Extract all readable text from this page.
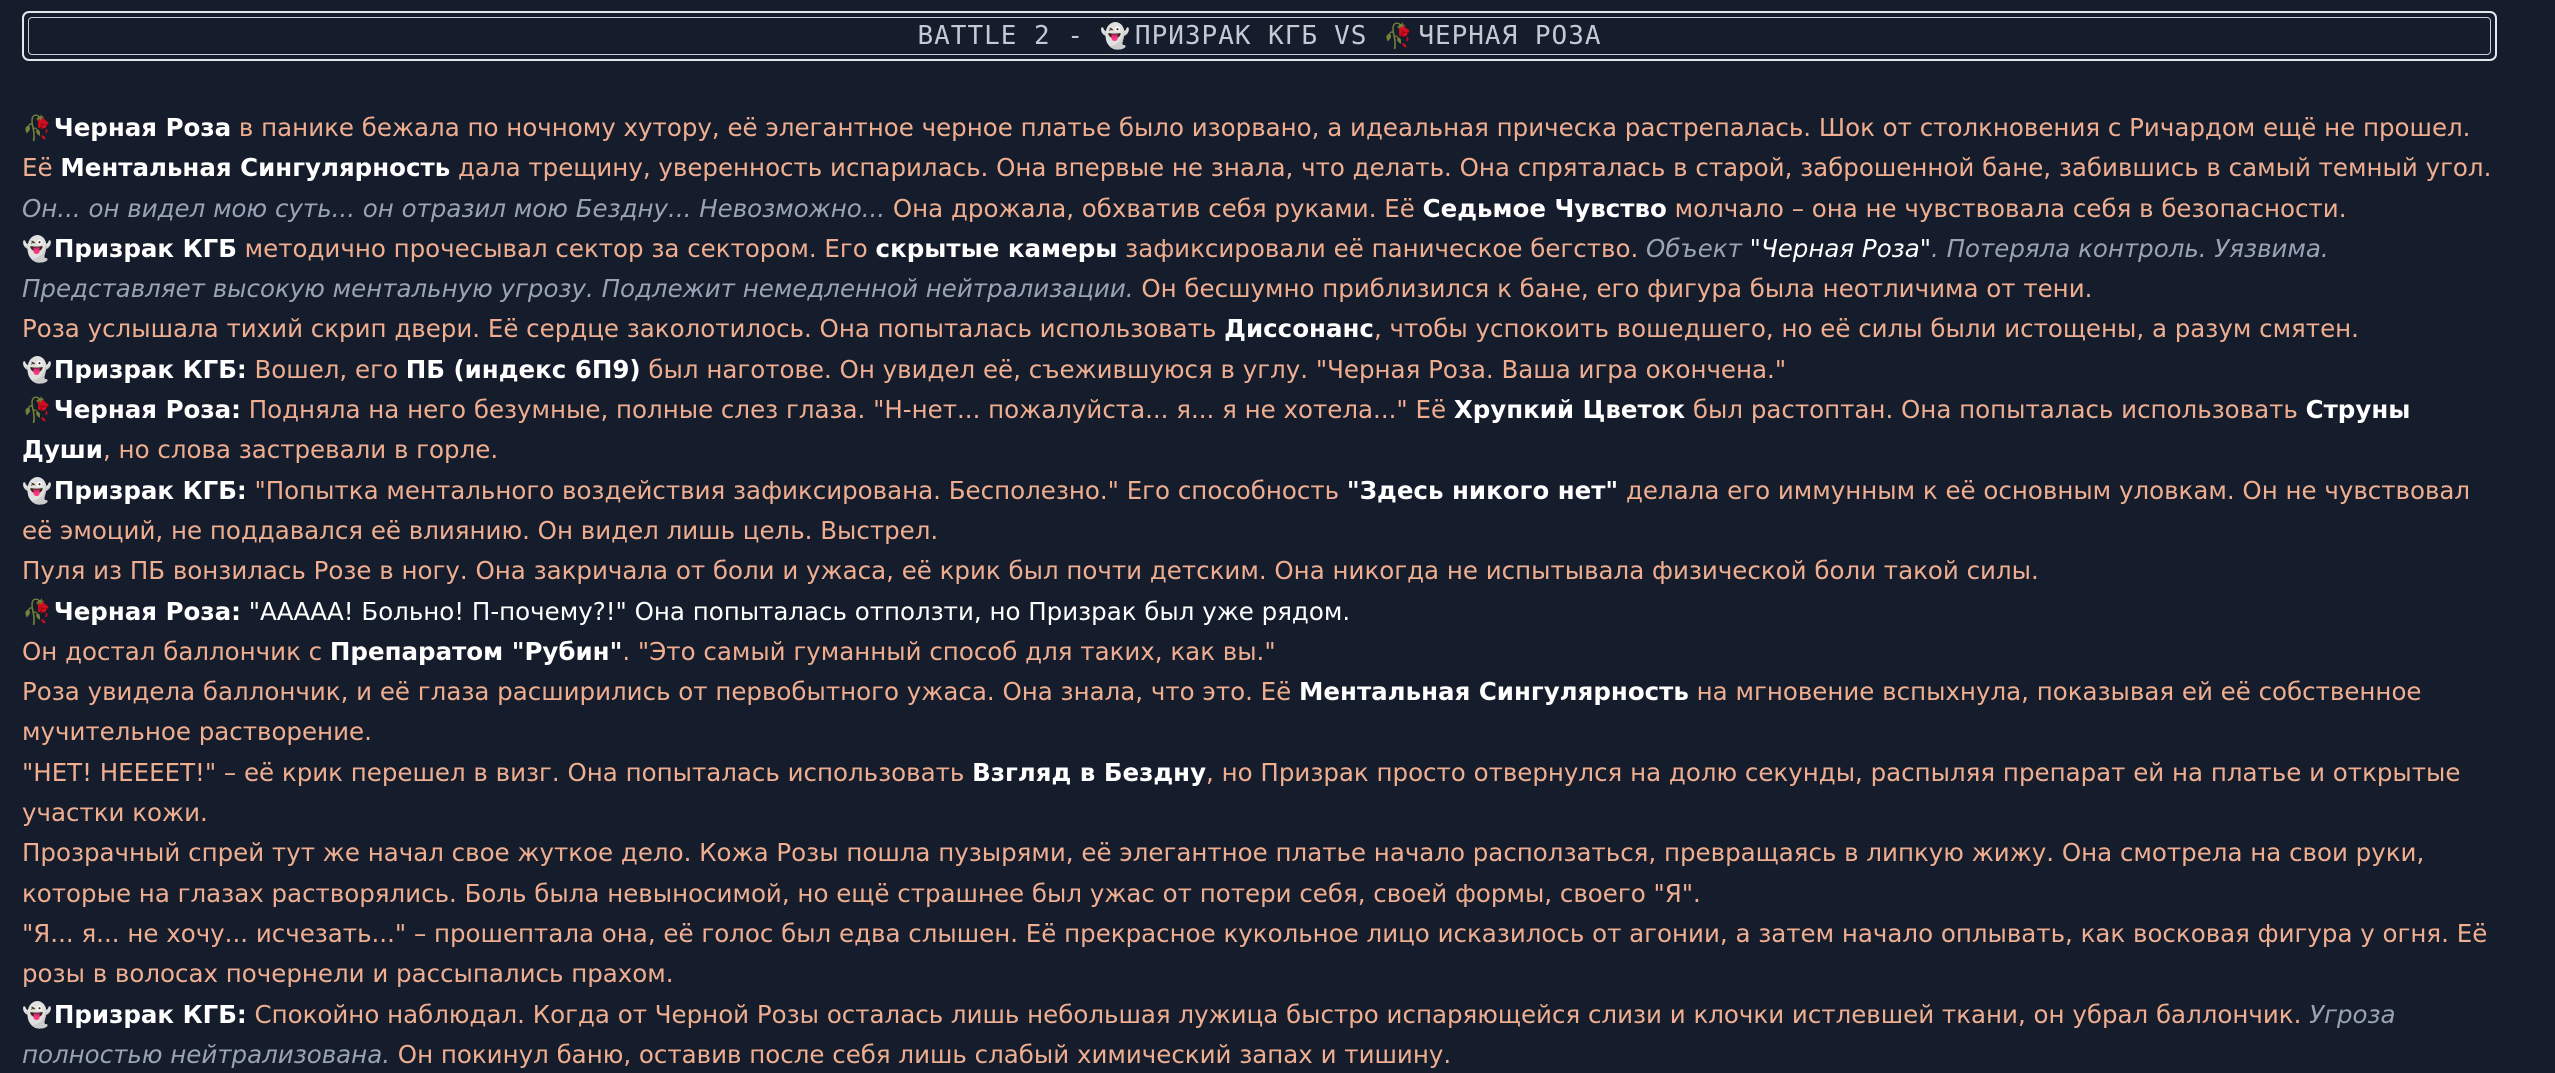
BATTLE 2 - 👻 ПРИЗРАК КГБ VS 🥀 ЧЕРНАЯ РОЗА

🥀Черная Роза в панике бежала по ночному хутору, её элегантное черное платье было изорвано, а идеальная прическа растрепалась. Шок от столкновения с Ричардом ещё не прошел. Её Ментальная Сингулярность дала трещину, уверенность испарилась. Она впервые не знала, что делать. Она спряталась в старой, заброшенной бане, забившись в самый темный угол. Он... он видел мою суть... он отразил мою Бездну... Невозможно... Она дрожала, обхватив себя руками. Её Седьмое Чувство молчало – она не чувствовала себя в безопасности.

👻Призрак КГБ методично прочесывал сектор за сектором. Его скрытые камеры зафиксировали её паническое бегство. Объект "Черная Роза". Потеряла контроль. Уязвима. Представляет высокую ментальную угрозу. Подлежит немедленной нейтрализации. Он бесшумно приблизился к бане, его фигура была неотличима от тени.

Роза услышала тихий скрип двери. Её сердце заколотилось. Она попыталась использовать Диссонанс, чтобы успокоить вошедшего, но её силы были истощены, а разум смятен.

👻Призрак КГБ: Вошел, его ПБ (индекс 6П9) был наготове. Он увидел её, съежившуюся в углу. "Черная Роза. Ваша игра окончена."

🥀Черная Роза: Подняла на него безумные, полные слез глаза. "Н-нет... пожалуйста... я... я не хотела..." Её Хрупкий Цветок был растоптан. Она попыталась использовать Струны Души, но слова застревали в горле.

👻Призрак КГБ: "Попытка ментального воздействия зафиксирована. Бесполезно." Его способность "Здесь никого нет" делала его иммунным к её основным уловкам. Он не чувствовал её эмоций, не поддавался её влиянию. Он видел лишь цель. Выстрел.

Пуля из ПБ вонзилась Розе в ногу. Она закричала от боли и ужаса, её крик был почти детским. Она никогда не испытывала физической боли такой силы.

🥀Черная Роза: "ААААА! Больно! П-почему?!" Она попыталась отползти, но Призрак был уже рядом.

Он достал баллончик с Препаратом "Рубин". "Это самый гуманный способ для таких, как вы."

Роза увидела баллончик, и её глаза расширились от первобытного ужаса. Она знала, что это. Её Ментальная Сингулярность на мгновение вспыхнула, показывая ей её собственное мучительное растворение.

"НЕТ! НЕЕЕЕТ!" – её крик перешел в визг. Она попыталась использовать Взгляд в Бездну, но Призрак просто отвернулся на долю секунды, распыляя препарат ей на платье и открытые участки кожи.

Прозрачный спрей тут же начал свое жуткое дело. Кожа Розы пошла пузырями, её элегантное платье начало расползаться, превращаясь в липкую жижу. Она смотрела на свои руки, которые на глазах растворялись. Боль была невыносимой, но ещё страшнее был ужас от потери себя, своей формы, своего "Я".

"Я... я... не хочу... исчезать..." – прошептала она, её голос был едва слышен. Её прекрасное кукольное лицо исказилось от агонии, а затем начало оплывать, как восковая фигура у огня. Её розы в волосах почернели и рассыпались прахом.

👻Призрак КГБ: Спокойно наблюдал. Когда от Черной Розы осталась лишь небольшая лужица быстро испаряющейся слизи и клочки истлевшей ткани, он убрал баллончик. Угроза полностью нейтрализована. Он покинул баню, оставив после себя лишь слабый химический запах и тишину.
